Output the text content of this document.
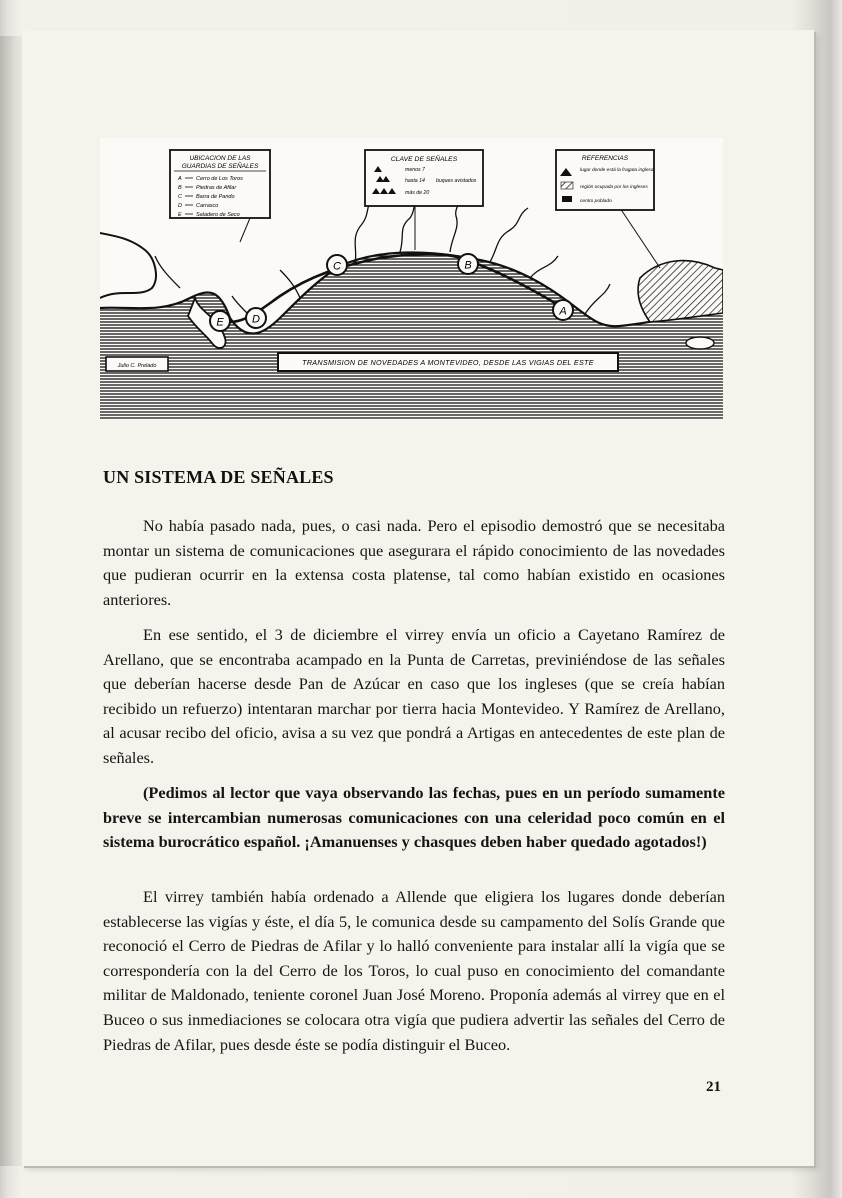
C	B
A
D
E
UBICACION DE LAS
GUARDIAS DE SEÑALES
A	Cerro de Los Toros
B	Piedras de Afilar
C	Barra de Pando
D	Carrasco
E	Saladero de Seco
CLAVE DE SEÑALES
menos 7
hasta 14
más de 20
buques avistados
REFERENCIAS
lugar donde está la fragata inglesa
región ocupada por los ingleses
centro poblado
Julio C. Prelado	TRANSMISION DE NOVEDADES A MONTEVIDEO, DESDE LAS VIGIAS DEL ESTE
UN SISTEMA DE SEÑALES

No había pasado nada, pues, o casi nada. Pero el episodio demostró que se necesitaba montar un sistema de comunicaciones que asegurara el rápido conocimiento de las novedades que pudieran ocurrir en la extensa costa platense, tal como habían existido en ocasiones anteriores.

En ese sentido, el 3 de diciembre el virrey envía un oficio a Cayetano Ramírez de Arellano, que se encontraba acampado en la Punta de Carretas, previniéndose de las señales que deberían hacerse desde Pan de Azúcar en caso que los ingleses (que se creía habían recibido un refuerzo) intentaran marchar por tierra hacia Montevideo. Y Ramírez de Arellano, al acusar recibo del oficio, avisa a su vez que pondrá a Artigas en antecedentes de este plan de señales.

(Pedimos al lector que vaya observando las fechas, pues en un período sumamente breve se intercambian numerosas comunicaciones con una celeridad poco común en el sistema burocrático español. ¡Amanuenses y chasques deben haber quedado agotados!)

El virrey también había ordenado a Allende que eligiera los lugares donde deberían establecerse las vigías y éste, el día 5, le comunica desde su campamento del Solís Grande que reconoció el Cerro de Piedras de Afilar y lo halló conveniente para instalar allí la vigía que se correspondería con la del Cerro de los Toros, lo cual puso en conocimiento del comandante militar de Maldonado, teniente coronel Juan José Moreno. Proponía además al virrey que en el Buceo o sus inmediaciones se colocara otra vigía que pudiera advertir las señales del Cerro de Piedras de Afilar, pues desde éste se podía distinguir el Buceo.

21
